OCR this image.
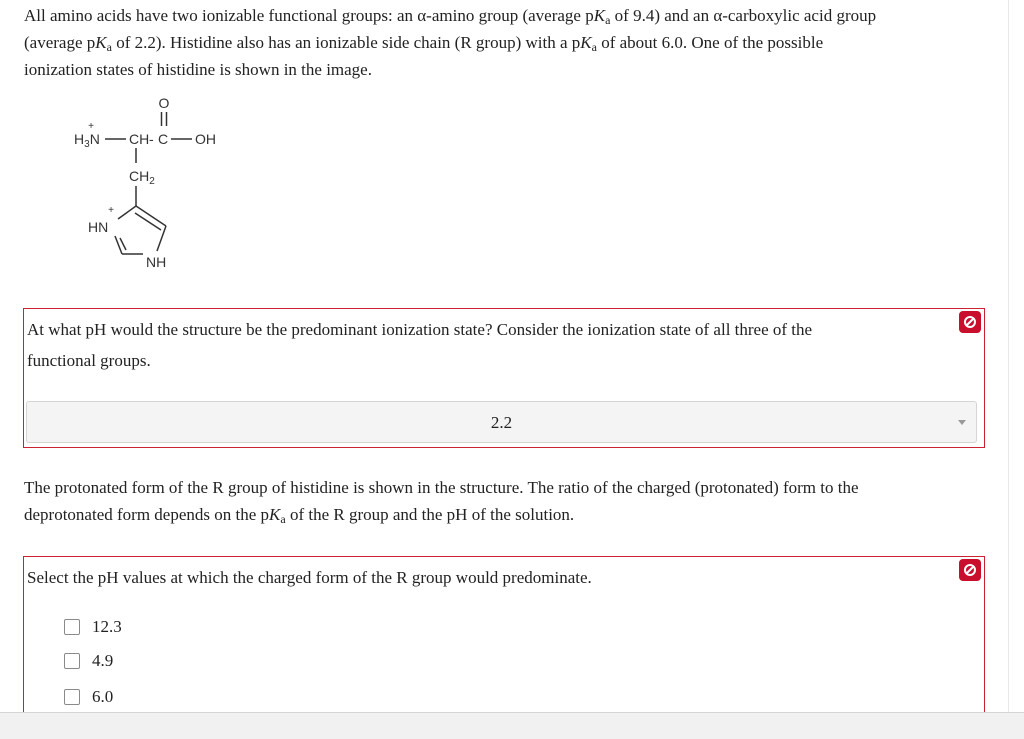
All amino acids have two ionizable functional groups: an α-amino group (average $pK_a$ of 9.4) and an α-carboxylic acid group
(average $pK_a$ of 2.2). Histidine also has an ionizable side chain (R group) with a $pK_a$ of about 6.0. One of the possible
ionization states of histidine is shown in the image.
O
+
$H_3N$ CH - C OH
$CH_2$
+
HN
NH
At what pH would the structure be the predominant ionization state? Consider the ionization state of all three of the
functional groups.
2.2
The protonated form of the R group of histidine is shown in the structure. The ratio of the charged (protonated) form to the
deprotonated form depends on the $pK_a$ of the R group and the pH of the solution.
Select the pH values at which the charged form of the R group would predominate.
12.3
4.9
6.0
